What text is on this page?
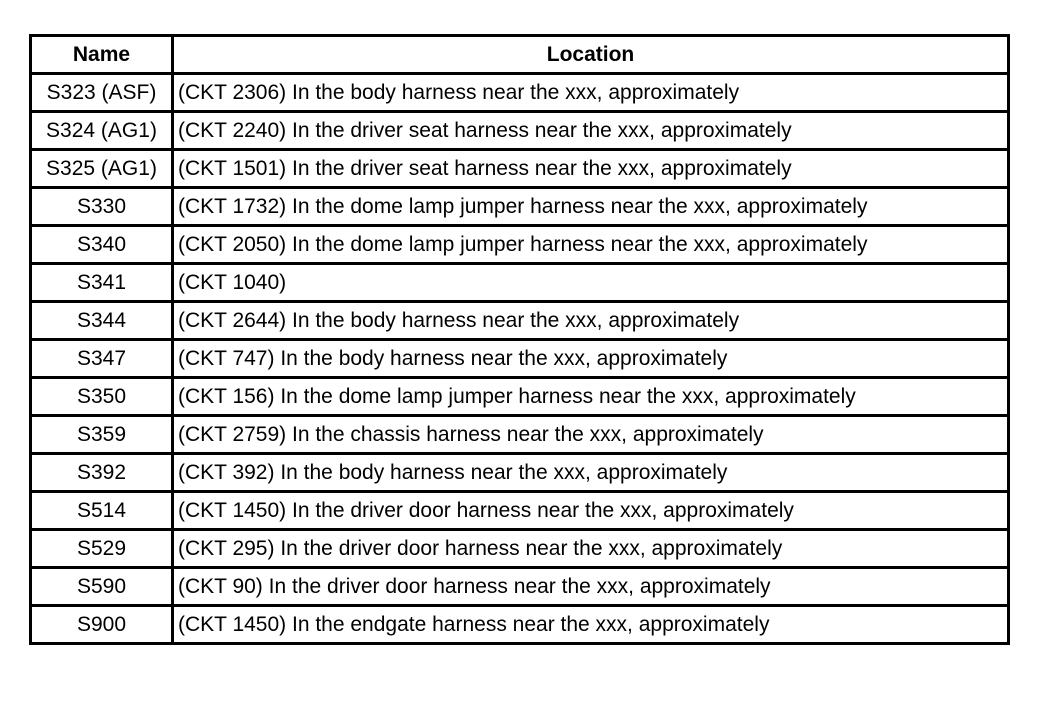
Name	Location
S323 (ASF)	(CKT 2306) In the body harness near the xxx, approximately
S324 (AG1)	(CKT 2240) In the driver seat harness near the xxx, approximately
S325 (AG1)	(CKT 1501) In the driver seat harness near the xxx, approximately
S330	(CKT 1732) In the dome lamp jumper harness near the xxx, approximately
S340	(CKT 2050) In the dome lamp jumper harness near the xxx, approximately
S341	(CKT 1040)
S344	(CKT 2644) In the body harness near the xxx, approximately
S347	(CKT 747) In the body harness near the xxx, approximately
S350	(CKT 156) In the dome lamp jumper harness near the xxx, approximately
S359	(CKT 2759) In the chassis harness near the xxx, approximately
S392	(CKT 392) In the body harness near the xxx, approximately
S514	(CKT 1450) In the driver door harness near the xxx, approximately
S529	(CKT 295) In the driver door harness near the xxx, approximately
S590	(CKT 90) In the driver door harness near the xxx, approximately
S900	(CKT 1450) In the endgate harness near the xxx, approximately
